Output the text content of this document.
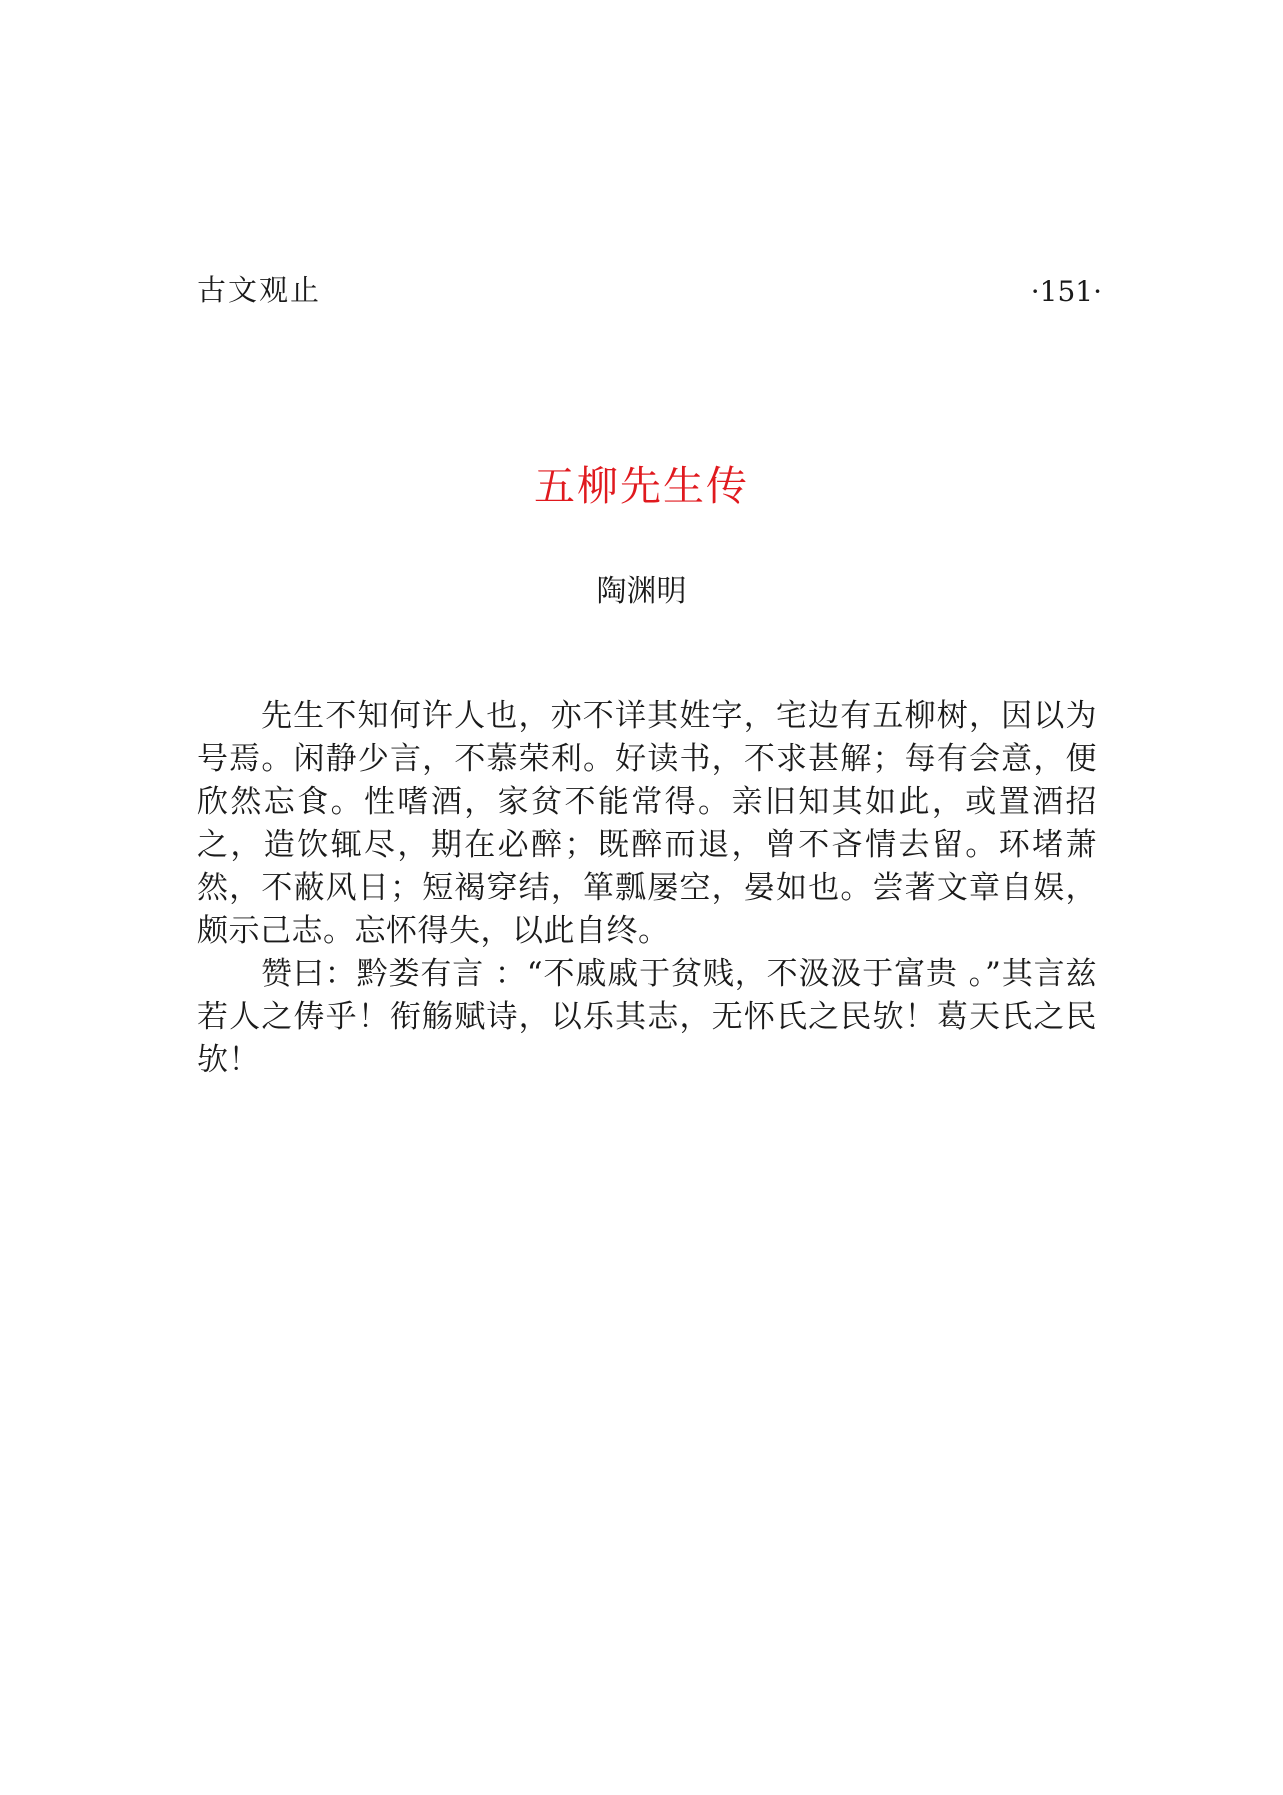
古文观止	·151·
五柳先生传
陶渊明

先生不知何许人也，亦不详其姓字，宅边有五柳树，因以为号焉。闲静少言，不慕荣利。好读书，不求甚解；每有会意，便欣然忘食。性嗜酒，家贫不能常得。亲旧知其如此，或置酒招之，造饮辄尽，期在必醉；既醉而退，曾不吝情去留。环堵萧然，不蔽风日；短褐穿结，箪瓢屡空，晏如也。尝著文章自娱，颇示己志。忘怀得失，以此自终。

赞曰：黔娄有言 ：“不戚戚于贫贱，不汲汲于富贵 。”其言兹若人之俦乎！衔觞赋诗，以乐其志，无怀氏之民欤！葛天氏之民欤！
